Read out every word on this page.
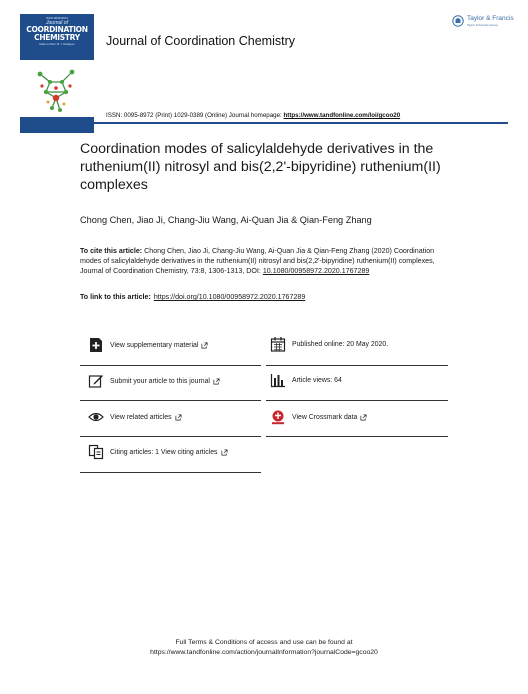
ISSN 0095-8972
Journal of
COORDINATION
CHEMISTRY
Editor-in-Chief: Dr. J. Rodriguez	Journal of Coordination Chemistry
Taylor & Francis
Taylor & Francis Group
ISSN: 0095-8972 (Print) 1029-0389 (Online) Journal homepage: https://www.tandfonline.com/loi/gcoo20
Coordination modes of salicylaldehyde derivatives in the ruthenium(II) nitrosyl and bis(2,2'-bipyridine) ruthenium(II) complexes
Chong Chen, Jiao Ji, Chang-Jiu Wang, Ai-Quan Jia & Qian-Feng Zhang
To cite this article: Chong Chen, Jiao Ji, Chang-Jiu Wang, Ai-Quan Jia & Qian-Feng Zhang (2020) Coordination modes of salicylaldehyde derivatives in the ruthenium(II) nitrosyl and bis(2,2'-bipyridine) ruthenium(II) complexes, Journal of Coordination Chemistry, 73:8, 1306-1313, DOI: 10.1080/00958972.2020.1767289
To link to this article: https://doi.org/10.1080/00958972.2020.1767289
View supplementary material	Published online: 20 May 2020.
Submit your article to this journal	Article views: 64
View related articles	View Crossmark data
Citing articles: 1 View citing articles
Full Terms & Conditions of access and use can be found at
https://www.tandfonline.com/action/journalInformation?journalCode=gcoo20
